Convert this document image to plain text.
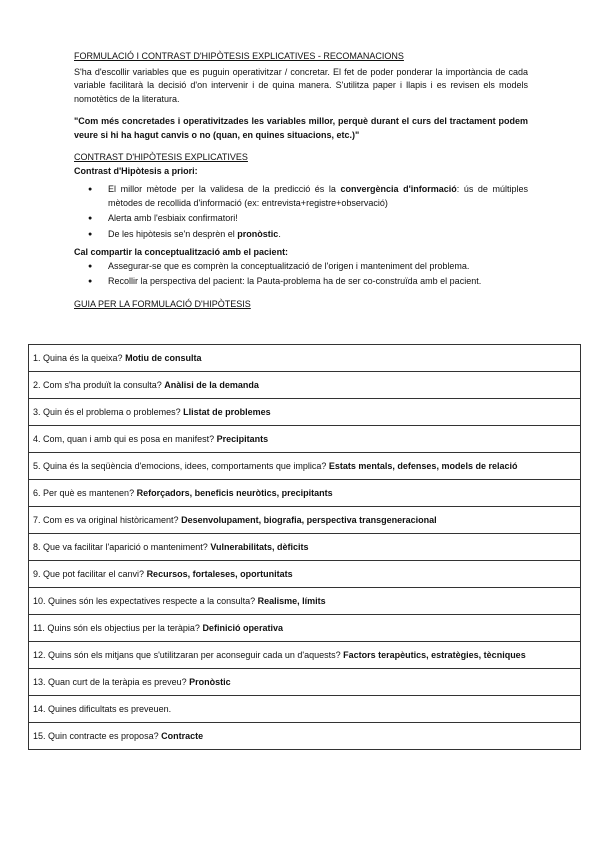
FORMULACIÓ I CONTRAST D'HIPÒTESIS EXPLICATIVES - RECOMANACIONS

S'ha d'escollir variables que es puguin operativitzar / concretar. El fet de poder ponderar la importància de cada variable facilitarà la decisió d'on intervenir i de quina manera. S'utilitza paper i llapis i es revisen els models nomotètics de la literatura.

"Com més concretades i operativitzades les variables millor, perquè durant el curs del tractament podem veure si hi ha hagut canvis o no (quan, en quines situacions, etc.)"

CONTRAST D'HIPÒTESIS EXPLICATIVES

Contrast d'Hipòtesis a priori:

● El millor mètode per la validesa de la predicció és la convergència d'informació: ús de múltiples mètodes de recollida d'informació (ex: entrevista+registre+observació)
● Alerta amb l'esbiaix confirmatori!
● De les hipòtesis se'n desprèn el pronòstic.

Cal compartir la conceptualització amb el pacient:

● Assegurar-se que es comprèn la conceptualització de l'origen i manteniment del problema.
● Recollir la perspectiva del pacient: la Pauta-problema ha de ser co-construïda amb el pacient.

GUIA PER LA FORMULACIÓ D'HIPÒTESIS

1. Quina és la queixa? Motiu de consulta
2. Com s'ha produït la consulta? Anàlisi de la demanda
3. Quin és el problema o problemes? Llistat de problemes
4. Com, quan i amb qui es posa en manifest? Precipitants
5. Quina és la seqüència d'emocions, idees, comportaments que implica? Estats mentals, defenses, models de relació
6. Per què es mantenen? Reforçadors, beneficis neuròtics, precipitants
7. Com es va original històricament? Desenvolupament, biografia, perspectiva transgeneracional
8. Que va facilitar l'aparició o manteniment? Vulnerabilitats, dèficits
9. Que pot facilitar el canvi? Recursos, fortaleses, oportunitats
10. Quines són les expectatives respecte a la consulta? Realisme, límits
11. Quins són els objectius per la teràpia? Definició operativa
12. Quins són els mitjans que s'utilitzaran per aconseguir cada un d'aquests? Factors terapèutics, estratègies, tècniques
13. Quan curt de la teràpia es preveu? Pronòstic
14. Quines dificultats es preveuen.
15. Quin contracte es proposa? Contracte
